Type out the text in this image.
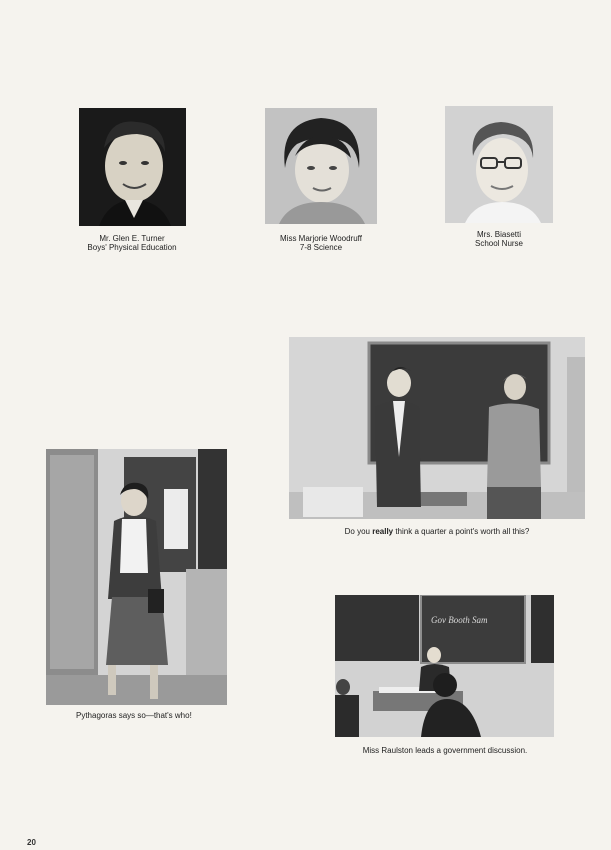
Mr. Glen E. Turner
Boys' Physical Education
Miss Marjorie Woodruff
7-8 Science
Mrs. Biasetti
School Nurse
Do you really think a quarter a point's worth all this?
Pythagoras says so—that's who!
Gov Booth Sam
Miss Raulston leads a government discussion.
20
